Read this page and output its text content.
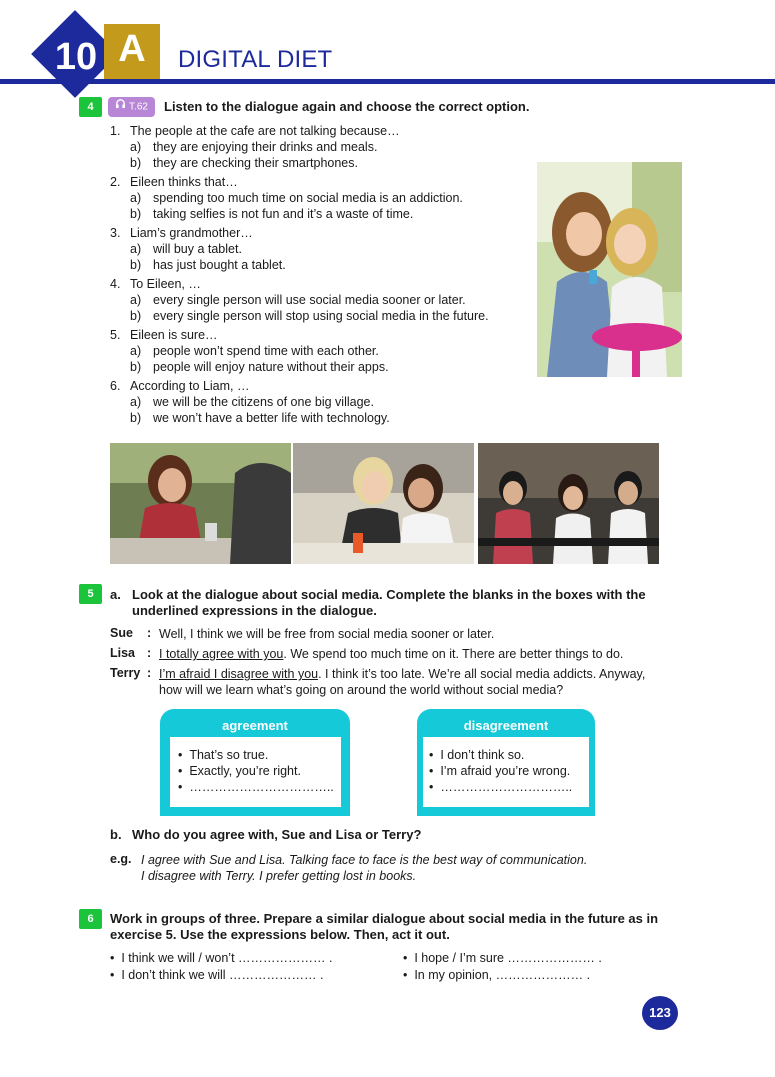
10 A	DIGITAL DIET
4	T.62	Listen to the dialogue again and choose the correct option.
1. The people at the cafe are not talking because…
a) they are enjoying their drinks and meals.
b) they are checking their smartphones.
2. Eileen thinks that…
a) spending too much time on social media is an addiction.
b) taking selfies is not fun and it’s a waste of time.
3. Liam’s grandmother…
a) will buy a tablet.
b) has just bought a tablet.
4. To Eileen, …
a) every single person will use social media sooner or later.
b) every single person will stop using social media in the future.
5. Eileen is sure…
a) people won’t spend time with each other.
b) people will enjoy nature without their apps.
6. According to Liam, …
a) we will be the citizens of one big village.
b) we won’t have a better life with technology.
5	a. Look at the dialogue about social media. Complete the blanks in the boxes with the
underlined expressions in the dialogue.
Sue : Well, I think we will be free from social media sooner or later.
Lisa : I totally agree with you. We spend too much time on it. There are better things to do.
Terry : I’m afraid I disagree with you. I think it’s too late. We’re all social media addicts. Anyway,
how will we learn what’s going on around the world without social media?
agreement
•  That’s so true.
•  Exactly, you’re right.
•  ……………………………..
disagreement
•  I don’t think so.
•  I’m afraid you’re wrong.
•  …………………………..
b. Who do you agree with, Sue and Lisa or Terry?
e.g. I agree with Sue and Lisa. Talking face to face is the best way of communication.
I disagree with Terry. I prefer getting lost in books.
6	Work in groups of three. Prepare a similar dialogue about social media in the future as in
exercise 5. Use the expressions below. Then, act it out.
•  I think we will / won’t ………………… .	•  I hope / I’m sure ………………… .
•  I don’t think we will ………………… .	•  In my opinion, ………………… .
123
